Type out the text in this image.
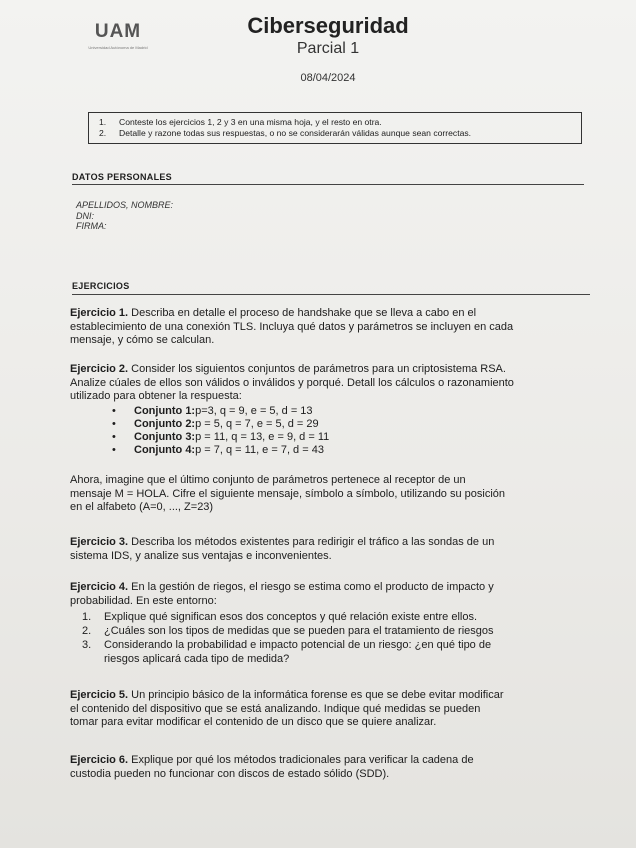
UAM
Universidad Autónoma de Madrid
Ciberseguridad
Parcial 1
08/04/2024
1.	Conteste los ejercicios 1, 2 y 3 en una misma hoja, y el resto en otra.
2.	Detalle y razone todas sus respuestas, o no se considerarán válidas aunque sean correctas.
DATOS PERSONALES
APELLIDOS, NOMBRE:
DNI:
FIRMA:
EJERCICIOS
Ejercicio 1. Describa en detalle el proceso de handshake que se lleva a cabo en el
establecimiento de una conexión TLS. Incluya qué datos y parámetros se incluyen en cada
mensaje, y cómo se calculan.
Ejercicio 2. Consider los siguientos conjuntos de parámetros para un criptosistema RSA.
Analize cúales de ellos son válidos o inválidos y porqué. Detall los cálculos o razonamiento
utilizado para obtener la respuesta:
•	Conjunto 1: p=3, q = 9, e = 5, d = 13
•	Conjunto 2: p = 5, q = 7, e = 5, d = 29
•	Conjunto 3: p = 11, q = 13, e = 9, d = 11
•	Conjunto 4: p = 7, q = 11, e = 7, d = 43
Ahora, imagine que el último conjunto de parámetros pertenece al receptor de un
mensaje M = HOLA. Cifre el siguiente mensaje, símbolo a símbolo, utilizando su posición
en el alfabeto (A=0, ..., Z=23)
Ejercicio 3. Describa los métodos existentes para redirigir el tráfico a las sondas de un
sistema IDS, y analize sus ventajas e inconvenientes.
Ejercicio 4. En la gestión de riegos, el riesgo se estima como el producto de impacto y
probabilidad. En este entorno:
1.	Explique qué significan esos dos conceptos y qué relación existe entre ellos.
2.	¿Cuáles son los tipos de medidas que se pueden para el tratamiento de riesgos
3.	Considerando la probabilidad e impacto potencial de un riesgo: ¿en qué tipo de
riesgos aplicará cada tipo de medida?
Ejercicio 5. Un principio básico de la informática forense es que se debe evitar modificar
el contenido del dispositivo que se está analizando. Indique qué medidas se pueden
tomar para evitar modificar el contenido de un disco que se quiere analizar.
Ejercicio 6. Explique por qué los métodos tradicionales para verificar la cadena de
custodia pueden no funcionar con discos de estado sólido (SDD).
